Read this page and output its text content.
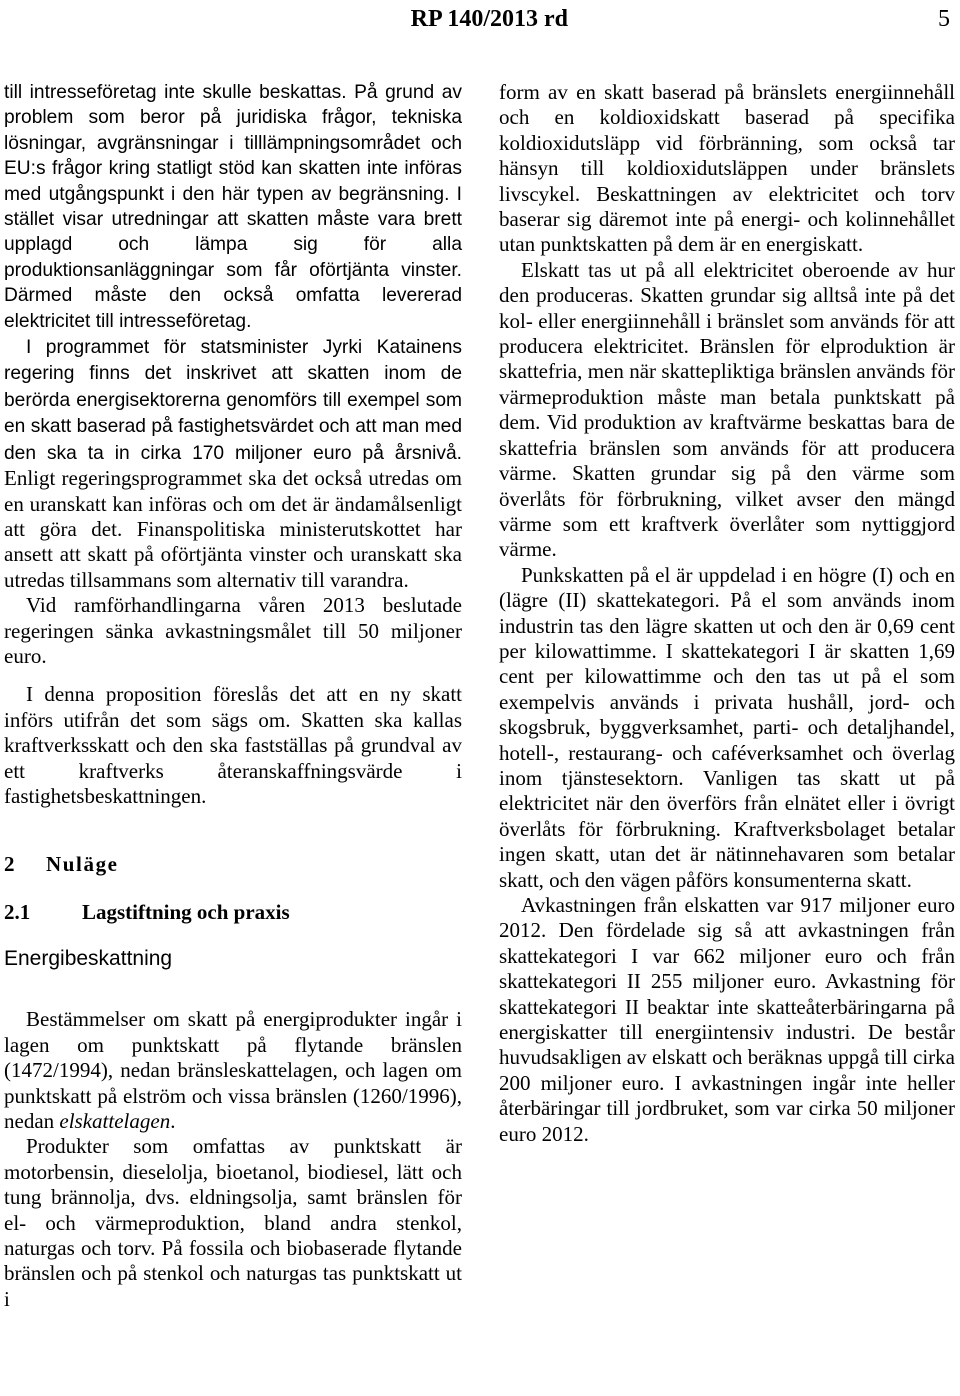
RP 140/2013 rd	5

till intresseföretag inte skulle beskattas. På grund av problem som beror på juridiska frågor, tekniska lösningar, avgränsningar i tilllämpningsområdet och EU:s frågor kring statligt stöd kan skatten inte införas med utgångspunkt i den här typen av begränsning. I stället visar utredningar att skatten måste vara brett upplagd och lämpa sig för alla produktionsanläggningar som får oförtjänta vinster. Därmed måste den också omfatta levererad elektricitet till intresseföretag.

I programmet för statsminister Jyrki Katainens regering finns det inskrivet att skatten inom de berörda energisektorerna genomförs till exempel som en skatt baserad på fastighetsvärdet och att man med den ska ta in cirka 170 miljoner euro på årsnivå. Enligt regeringsprogrammet ska det också utredas om en uranskatt kan införas och om det är ändamålsenligt att göra det. Finanspolitiska ministerutskottet har ansett att skatt på oförtjänta vinster och uranskatt ska utredas tillsammans som alternativ till varandra.

Vid ramförhandlingarna våren 2013 beslutade regeringen sänka avkastningsmålet till 50 miljoner euro.

I denna proposition föreslås det att en ny skatt införs utifrån det som sägs om. Skatten ska kallas kraftverksskatt och den ska fastställas på grundval av ett kraftverks återanskaffningsvärde i fastighetsbeskattningen.

2 Nuläge

2.1 Lagstiftning och praxis

Energibeskattning

Bestämmelser om skatt på energiprodukter ingår i lagen om punktskatt på flytande bränslen (1472/1994), nedan bränsleskattelagen, och lagen om punktskatt på elström och vissa bränslen (1260/1996), nedan elskattelagen.

Produkter som omfattas av punktskatt är motorbensin, dieselolja, bioetanol, biodiesel, lätt och tung brännolja, dvs. eldningsolja, samt bränslen för el- och värmeproduktion, bland andra stenkol, naturgas och torv. På fossila och biobaserade flytande bränslen och på stenkol och naturgas tas punktskatt ut i

form av en skatt baserad på bränslets energiinnehåll och en koldioxidskatt baserad på specifika koldioxidutsläpp vid förbränning, som också tar hänsyn till koldioxidutsläppen under bränslets livscykel. Beskattningen av elektricitet och torv baserar sig däremot inte på energi- och kolinnehållet utan punktskatten på dem är en energiskatt.

Elskatt tas ut på all elektricitet oberoende av hur den produceras. Skatten grundar sig alltså inte på det kol- eller energiinnehåll i bränslet som används för att producera elektricitet. Bränslen för elproduktion är skattefria, men när skattepliktiga bränslen används för värmeproduktion måste man betala punktskatt på dem. Vid produktion av kraftvärme beskattas bara de skattefria bränslen som används för att producera värme. Skatten grundar sig på den värme som överlåts för förbrukning, vilket avser den mängd värme som ett kraftverk överlåter som nyttiggjord värme.

Punkskatten på el är uppdelad i en högre (I) och en (lägre (II) skattekategori. På el som används inom industrin tas den lägre skatten ut och den är 0,69 cent per kilowattimme. I skattekategori I är skatten 1,69 cent per kilowattimme och den tas ut på el som exempelvis används i privata hushåll, jord- och skogsbruk, byggverksamhet, parti- och detaljhandel, hotell-, restaurang- och caféverksamhet och överlag inom tjänstesektorn. Vanligen tas skatt ut på elektricitet när den överförs från elnätet eller i övrigt överlåts för förbrukning. Kraftverksbolaget betalar ingen skatt, utan det är nätinnehavaren som betalar skatt, och den vägen påförs konsumenterna skatt.

Avkastningen från elskatten var 917 miljoner euro 2012. Den fördelade sig så att avkastningen från skattekategori I var 662 miljoner euro och från skattekategori II 255 miljoner euro. Avkastning för skattekategori II beaktar inte skatteåterbäringarna på energiskatter till energiintensiv industri. De består huvudsakligen av elskatt och beräknas uppgå till cirka 200 miljoner euro. I avkastningen ingår inte heller återbäringar till jordbruket, som var cirka 50 miljoner euro 2012.
